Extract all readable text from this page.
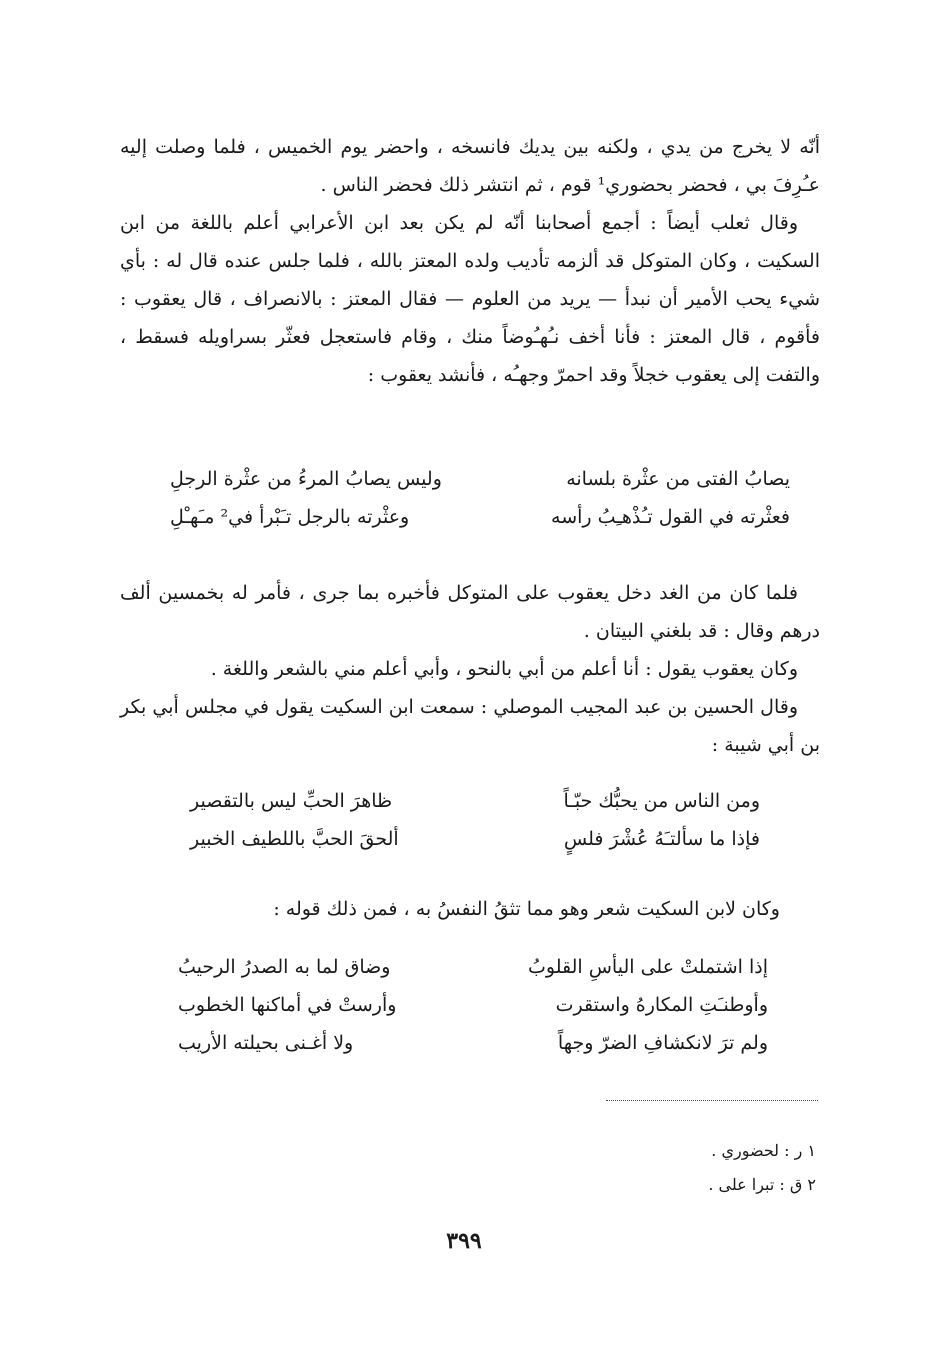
أنّه لا يخرج من يدي ، ولكنه بين يديك فانسخه ، واحضر يوم الخميس ، فلما وصلت إليه عـُرِفَ بي ، فحضر بحضوري¹ قوم ، ثم انتشر ذلك فحضر الناس .

وقال ثعلب أيضاً : أجمع أصحابنا أنّه لم يكن بعد ابن الأعرابي أعلم باللغة من ابن السكيت ، وكان المتوكل قد ألزمه تأديب ولده المعتز بالله ، فلما جلس عنده قال له : بأي شيء يحب الأمير أن نبدأ — يريد من العلوم — فقال المعتز : بالانصراف ، قال يعقوب : فأقوم ، قال المعتز : فأنا أخف نـُهـُوضاً منك ، وقام فاستعجل فعثّر بسراويله فسقط ، والتفت إلى يعقوب خجلاً وقد احمرّ وجهـُه ، فأنشد يعقوب :

يصابُ الفتى من عثْرة بلسانه
وليس يصابُ المرءُ من عثْرة الرجلِ
فعثْرته في القول تـُذْهـِبُ رأسه
وعثْرته بالرجل تـَبْرأ في² مـَهـْلِ

فلما كان من الغد دخل يعقوب على المتوكل فأخبره بما جرى ، فأمر له بخمسين ألف درهم وقال : قد بلغني البيتان .

وكان يعقوب يقول : أنا أعلم من أبي بالنحو ، وأبي أعلم مني بالشعر واللغة .

وقال الحسين بن عبد المجيب الموصلي : سمعت ابن السكيت يقول في مجلس أبي بكر بن أبي شيبة :

ومن الناس من يحبُّك حبّـاً
ظاهرَ الحبِّ ليس بالتقصير
فإذا ما سألتـَهُ عُشْرَ فلسٍ
ألحقَ الحبَّ باللطيف الخبير

وكان لابن السكيت شعر وهو مما تثقُ النفسُ به ، فمن ذلك قوله :

إذا اشتملتْ على اليأسِ القلوبُ
وضاق لما به الصدرُ الرحيبُ
وأوطنـَتِ المكارهُ واستقرت
وأرستْ في أماكنها الخطوب
ولم ترَ لانكشافِ الضرّ وجهاً
ولا أغـنى بحيلته الأريب
١ ر : لحضوري .
٢ ق : تبرا على .
٣٩٩
